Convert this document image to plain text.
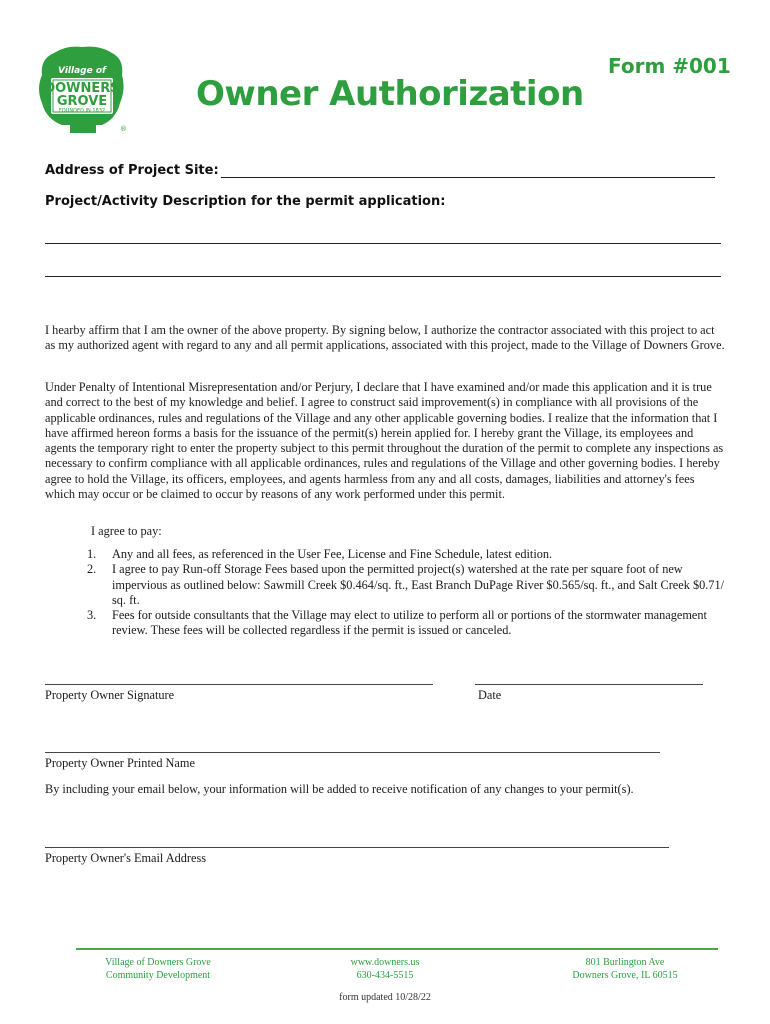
Village of
DOWNERS
GROVE
FOUNDED IN 1832
®
Form #001
Owner Authorization
Address of Project Site:
Project/Activity Description for the permit application:
I hearby affirm that I am the owner of the above property. By signing below, I authorize the contractor associated with this project to act as my authorized agent with regard to any and all permit applications, associated with this project, made to the Village of Downers Grove.
Under Penalty of Intentional Misrepresentation and/or Perjury, I declare that I have examined and/or made this application and it is true and correct to the best of my knowledge and belief. I agree to construct said improvement(s) in compliance with all provisions of the applicable ordinances, rules and regulations of the Village and any other applicable governing bodies. I realize that the information that I have affirmed hereon forms a basis for the issuance of the permit(s) herein applied for. I hereby grant the Village, its employees and agents the temporary right to enter the property subject to this permit throughout the duration of the permit to complete any inspections as necessary to confirm compliance with all applicable ordinances, rules and regulations of the Village and other governing bodies. I hereby agree to hold the Village, its officers, employees, and agents harmless from any and all costs, damages, liabilities and attorney's fees which may occur or be claimed to occur by reasons of any work performed under this permit.
I agree to pay:
1.	Any and all fees, as referenced in the User Fee, License and Fine Schedule, latest edition.
2.	I agree to pay Run-off Storage Fees based upon the permitted project(s) watershed at the rate per square foot of new impervious as outlined below: Sawmill Creek $0.464/sq. ft., East Branch DuPage River $0.565/sq. ft., and Salt Creek $0.71/ sq. ft.
3.	Fees for outside consultants that the Village may elect to utilize to perform all or portions of the stormwater management review. These fees will be collected regardless if the permit is issued or canceled.
Property Owner Signature	Date
Property Owner Printed Name
By including your email below, your information will be added to receive notification of any changes to your permit(s).
Property Owner's Email Address
Village of Downers Grove
Community Development
www.downers.us
630-434-5515
801 Burlington Ave
Downers Grove, IL 60515
form updated 10/28/22
